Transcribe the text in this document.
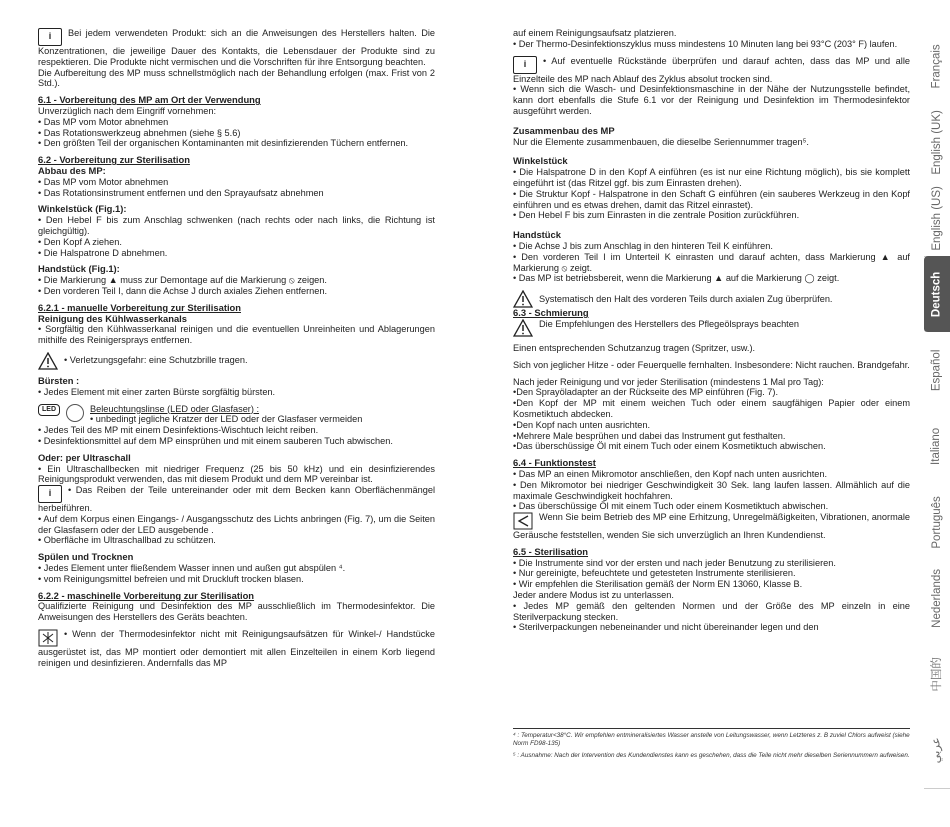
i Bei jedem verwendeten Produkt: sich an die Anweisungen des Herstellers halten. Die Konzentrationen, die jeweilige Dauer des Kontakts, die Lebensdauer der Produkte sind zu respektieren. Die Produkte nicht vermischen und die Vorschriften für ihre Entsorgung beachten.

Die Aufbereitung des MP muss schnellstmöglich nach der Behandlung erfolgen (max. Frist von 2 Std.).

6.1 - Vorbereitung des MP am Ort der Verwendung

Unverzüglich nach dem Eingriff vornehmen:

• Das MP vom Motor abnehmen

• Das Rotationswerkzeug abnehmen (siehe § 5.6)

• Den größten Teil der organischen Kontaminanten mit desinfizierenden Tüchern entfernen.

6.2 - Vorbereitung zur Sterilisation

Abbau des MP:

• Das MP vom Motor abnehmen

• Das Rotationsinstrument entfernen und den Sprayaufsatz abnehmen

Winkelstück (Fig.1):

• Den Hebel F bis zum Anschlag schwenken (nach rechts oder nach links, die Richtung ist gleichgültig).

• Den Kopf A ziehen.

• Die Halspatrone D abnehmen.

Handstück (Fig.1):

• Die Markierung ▲ muss zur Demontage auf die Markierung ⦸ zeigen.

• Den vorderen Teil I, dann die Achse J durch axiales Ziehen entfernen.

6.2.1 - manuelle Vorbereitung zur Sterilisation

Reinigung des Kühlwasserkanals

• Sorgfältig den Kühlwasserkanal reinigen und die eventuellen Unreinheiten und Ablagerungen mithilfe des Reinigersprays entfernen.

• Verletzungsgefahr: eine Schutzbrille tragen.

Bürsten :

• Jedes Element mit einer zarten Bürste sorgfältig bürsten.

LED	Beleuchtungslinse (LED oder Glasfaser) :

• unbedingt jegliche Kratzer der LED oder der Glasfaser vermeiden

• Jedes Teil des MP mit einem Desinfektions-Wischtuch leicht reiben.

• Desinfektionsmittel auf dem MP einsprühen und mit einem sauberen Tuch abwischen.

Oder: per Ultraschall

• Ein Ultraschallbecken mit niedriger Frequenz (25 bis 50 kHz) und ein desinfizierendes Reinigungsprodukt verwenden, das mit diesem Produkt und dem MP vereinbar ist.

i • Das Reiben der Teile untereinander oder mit dem Becken kann Oberflächenmängel herbeiführen.

• Auf dem Korpus einen Eingangs- / Ausgangsschutz des Lichts anbringen (Fig. 7), um die Seiten der Glasfasern oder der LED ausgebende .

• Oberfläche im Ultraschallbad zu schützen.

Spülen und Trocknen

• Jedes Element unter fließendem Wasser innen und außen gut abspülen ⁴.

• vom Reinigungsmittel befreien und mit Druckluft trocken blasen.

6.2.2 - maschinelle Vorbereitung zur Sterilisation

Qualifizierte Reinigung und Desinfektion des MP ausschließlich im Thermodesinfektor. Die Anweisungen des Herstellers des Geräts beachten.

• Wenn der Thermodesinfektor nicht mit Reinigungsaufsätzen für Winkel-/ Handstücke ausgerüstet ist, das MP montiert oder demontiert mit allen Einzelteilen in einem Korb liegend reinigen und desinfizieren. Andernfalls das MP

auf einem Reinigungsaufsatz platzieren.

• Der Thermo-Desinfektionszyklus muss mindestens 10 Minuten lang bei 93°C (203° F) laufen.

i • Auf eventuelle Rückstände überprüfen und darauf achten, dass das MP und alle Einzelteile des MP nach Ablauf des Zyklus absolut trocken sind.

• Wenn sich die Wasch- und Desinfektionsmaschine in der Nähe der Nutzungsstelle befindet, kann dort ebenfalls die Stufe 6.1 vor der Reinigung und Desinfektion im Thermodesinfektor ausgeführt werden.

Zusammenbau des MP

Nur die Elemente zusammenbauen, die dieselbe Seriennummer tragen⁵.

Winkelstück

• Die Halspatrone D in den Kopf A einführen (es ist nur eine Richtung möglich), bis sie komplett eingeführt ist (das Ritzel ggf. bis zum Einrasten drehen).

• Die Struktur Kopf - Halspatrone in den Schaft G einführen (ein sauberes Werkzeug in den Kopf einführen und es etwas drehen, damit das Ritzel einrastet).

• Den Hebel F bis zum Einrasten in die zentrale Position zurückführen.

Handstück

• Die Achse J bis zum Anschlag in den hinteren Teil K einführen.

• Den vorderen Teil I im Unterteil K einrasten und darauf achten, dass Markierung ▲ auf Markierung ⦸ zeigt.

• Das MP ist betriebsbereit, wenn die Markierung ▲ auf die Markierung ◯ zeigt.

Systematisch den Halt des vorderen Teils durch axialen Zug überprüfen.

6.3 - Schmierung

Die Empfehlungen des Herstellers des Pflegeölsprays beachten

Einen entsprechenden Schutzanzug tragen (Spritzer, usw.).

Sich von jeglicher Hitze - oder Feuerquelle fernhalten. Insbesondere: Nicht rauchen. Brandgefahr.

Nach jeder Reinigung und vor jeder Sterilisation (mindestens 1 Mal pro Tag):

•Den Sprayöladapter an der Rückseite des MP einführen (Fig. 7).

•Den Kopf der MP mit einem weichen Tuch oder einem saugfähigen Papier oder einem Kosmetiktuch abdecken.

•Den Kopf nach unten ausrichten.

•Mehrere Male besprühen und dabei das Instrument gut festhalten.

•Das überschüssige Öl mit einem Tuch oder einem Kosmetiktuch abwischen.

6.4 - Funktionstest

• Das MP an einen Mikromotor anschließen, den Kopf nach unten ausrichten.

• Den Mikromotor bei niedriger Geschwindigkeit 30 Sek. lang laufen lassen. Allmählich auf die maximale Geschwindigkeit hochfahren.

• Das überschüssige Öl mit einem Tuch oder einem Kosmetiktuch abwischen.

Wenn Sie beim Betrieb des MP eine Erhitzung, Unregelmäßigkeiten, Vibrationen, anormale Geräusche feststellen, wenden Sie sich unverzüglich an Ihren Kundendienst.

6.5 - Sterilisation

• Die Instrumente sind vor der ersten und nach jeder Benutzung zu sterilisieren.

• Nur gereinigte, befeuchtete und getesteten Instrumente sterilisieren.

• Wir empfehlen die Sterilisation gemäß der Norm EN 13060, Klasse B.

Jeder andere Modus ist zu unterlassen.

• Jedes MP gemäß den geltenden Normen und der Größe des MP einzeln in eine Sterilverpackung stecken.

• Sterilverpackungen nebeneinander und nicht übereinander legen und den

⁴ : Temperatur<38°C. Wir empfehlen entmineralisiertes Wasser anstelle von Leitungswasser, wenn Letzteres z. B zuviel Chlors aufweist (siehe Norm FD98-135)
⁵ : Ausnahme: Nach der Intervention des Kundendienstes kann es geschehen, dass die Teile nicht mehr dieselben Seriennummern aufweisen.
Français
English (UK)
English (US)
Deutsch
Español
Italiano
Português
Nederlands
中国的
عربي
